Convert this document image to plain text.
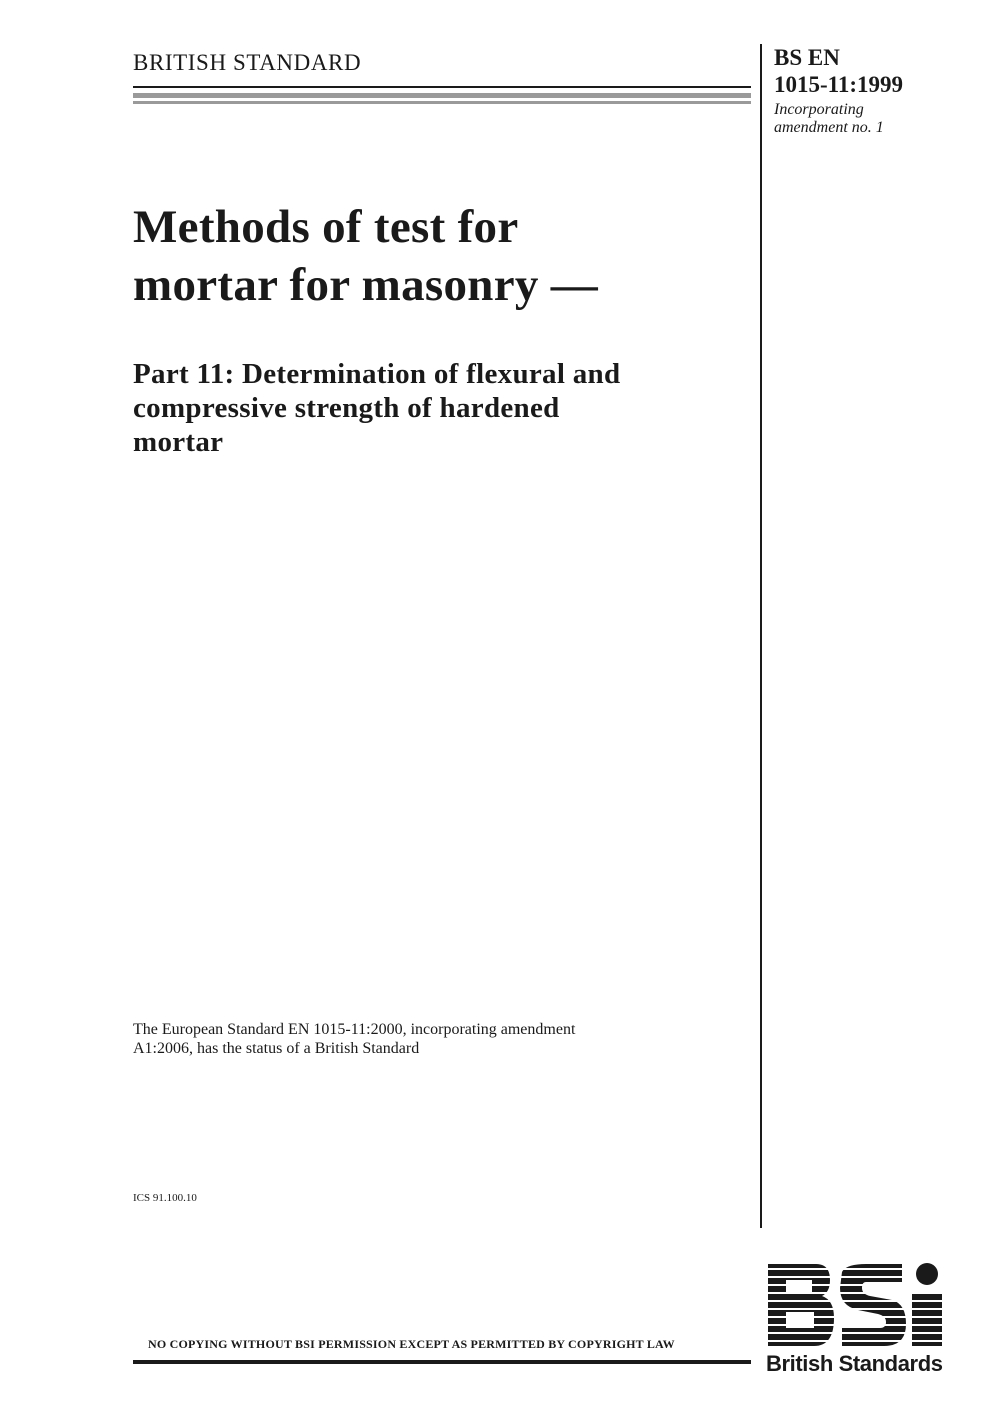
BRITISH STANDARD	BS EN
1015-11:1999
Incorporating
amendment no. 1
Methods of test for
mortar for masonry —
Part 11: Determination of flexural and
compressive strength of hardened
mortar
The European Standard EN 1015-11:2000, incorporating amendment
A1:2006, has the status of a British Standard
ICS 91.100.10
NO COPYING WITHOUT BSI PERMISSION EXCEPT AS PERMITTED BY COPYRIGHT LAW
British Standards
